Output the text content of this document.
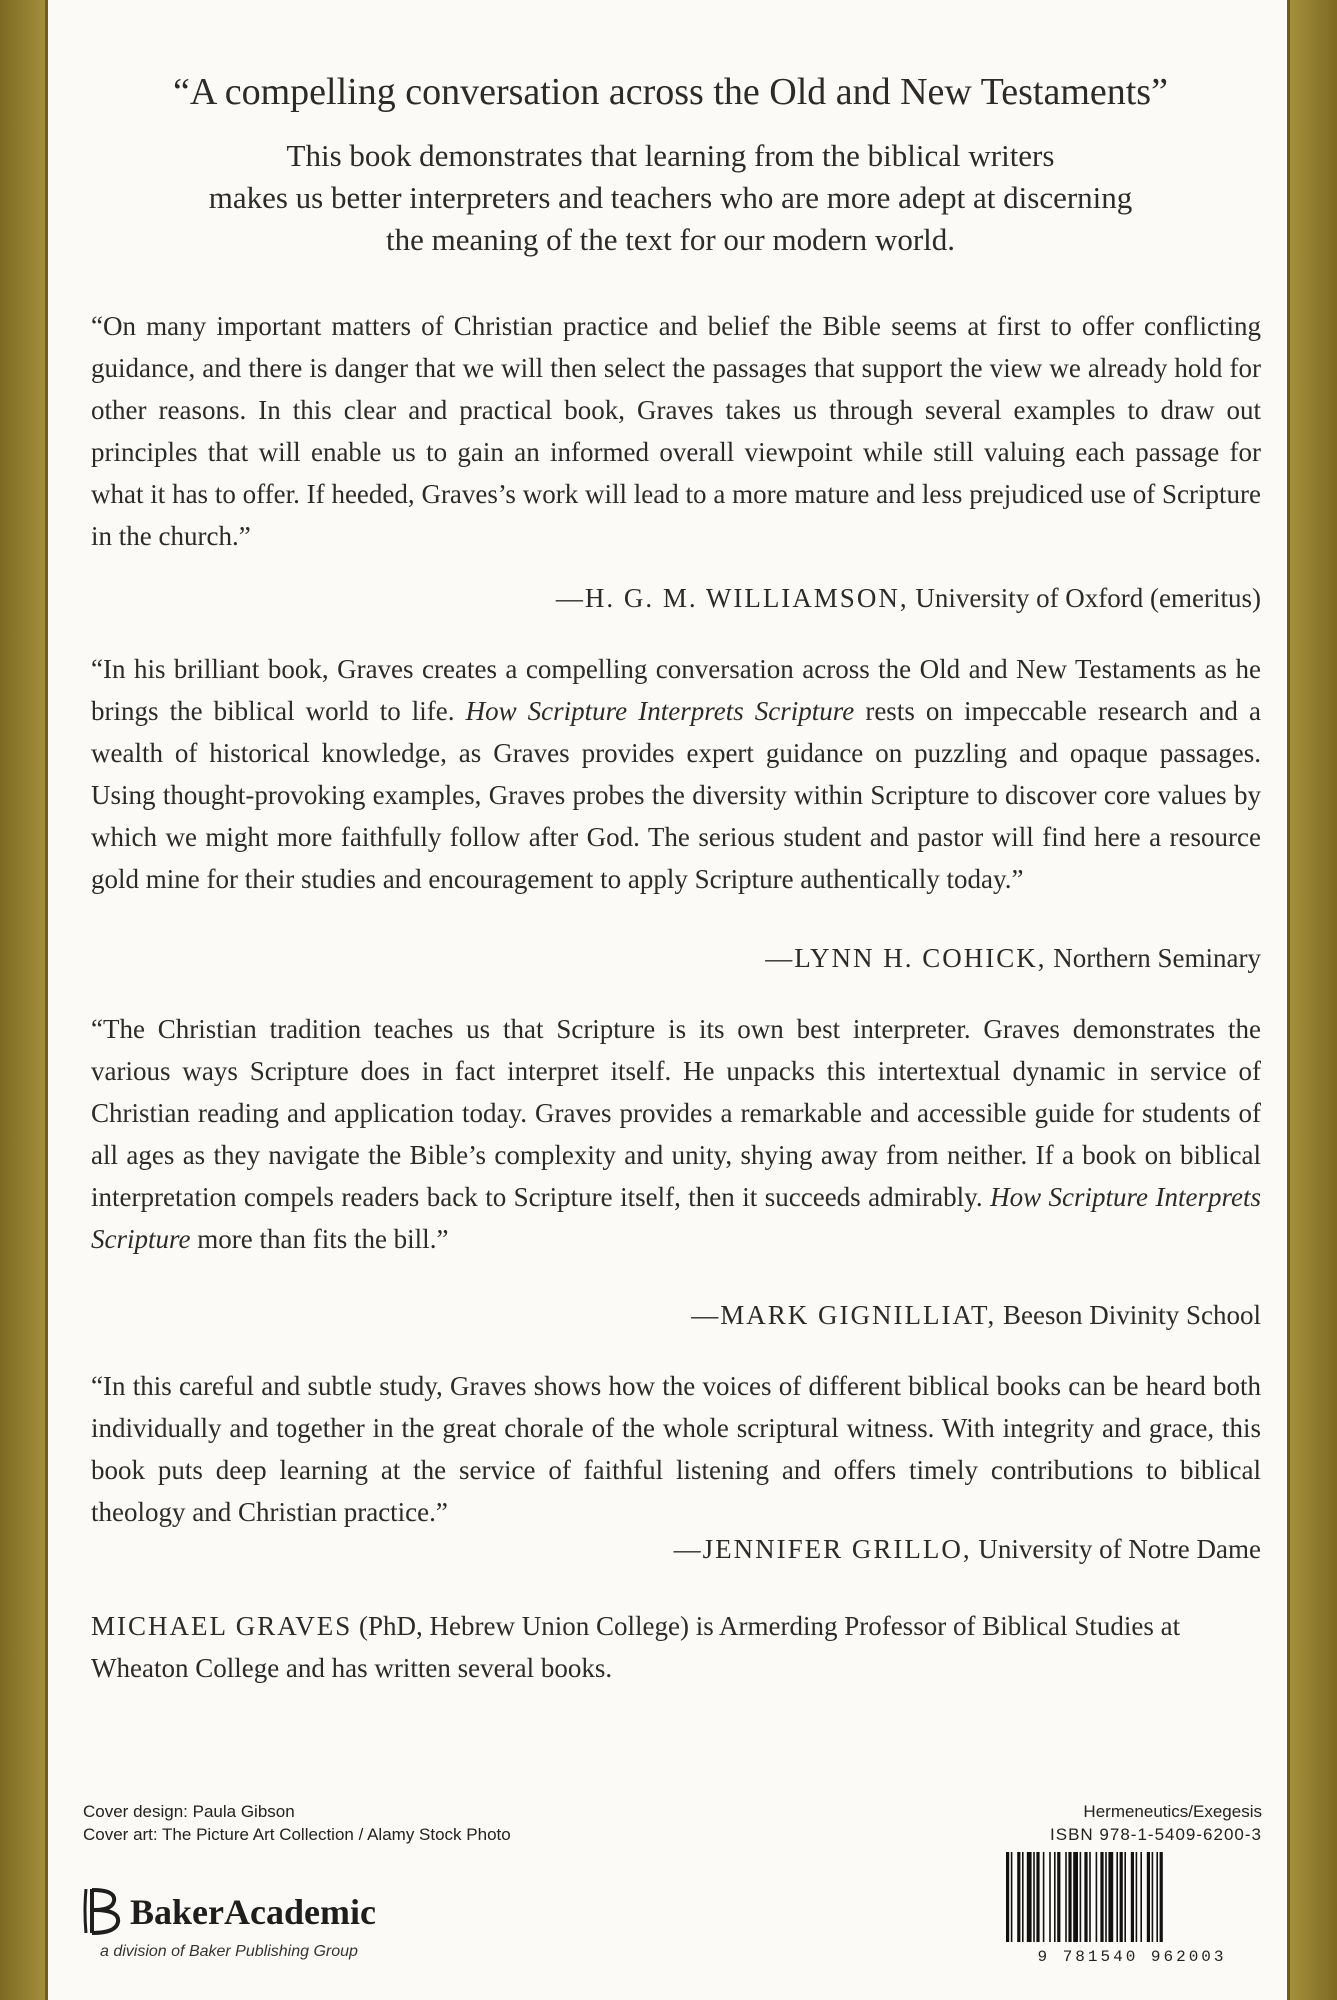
“A compelling conversation across the Old and New Testaments”
This book demonstrates that learning from the biblical writers
makes us better interpreters and teachers who are more adept at discerning
the meaning of the text for our modern world.
“On many important matters of Christian practice and belief the Bible seems at first to offer conflicting guidance, and there is danger that we will then select the passages that support the view we already hold for other reasons. In this clear and practical book, Graves takes us through several examples to draw out principles that will enable us to gain an informed overall viewpoint while still valuing each passage for what it has to offer. If heeded, Graves’s work will lead to a more mature and less prejudiced use of Scripture in the church.”
—H. G. M. WILLIAMSON, University of Oxford (emeritus)
“In his brilliant book, Graves creates a compelling conversation across the Old and New Testaments as he brings the biblical world to life. How Scripture Interprets Scripture rests on impeccable research and a wealth of historical knowledge, as Graves provides expert guidance on puzzling and opaque passages. Using thought-provoking examples, Graves probes the diversity within Scripture to discover core values by which we might more faithfully follow after God. The serious student and pastor will find here a resource gold mine for their studies and encouragement to apply Scripture authentically today.”
—LYNN H. COHICK, Northern Seminary
“The Christian tradition teaches us that Scripture is its own best interpreter. Graves demonstrates the various ways Scripture does in fact interpret itself. He unpacks this intertextual dynamic in service of Christian reading and application today. Graves provides a remarkable and accessible guide for students of all ages as they navigate the Bible’s complexity and unity, shying away from neither. If a book on biblical interpretation compels readers back to Scripture itself, then it succeeds admirably. How Scripture Interprets Scripture more than fits the bill.”
—MARK GIGNILLIAT, Beeson Divinity School
“In this careful and subtle study, Graves shows how the voices of different biblical books can be heard both individually and together in the great chorale of the whole scriptural witness. With integrity and grace, this book puts deep learning at the service of faithful listening and offers timely contributions to biblical theology and Christian practice.”
—JENNIFER GRILLO, University of Notre Dame
MICHAEL GRAVES (PhD, Hebrew Union College) is Armerding Professor of Biblical Studies at Wheaton College and has written several books.
Cover design: Paula Gibson
Cover art: The Picture Art Collection / Alamy Stock Photo
BakerAcademic
a division of Baker Publishing Group
Hermeneutics/Exegesis
ISBN 978-1-5409-6200-3
9 781540 962003
